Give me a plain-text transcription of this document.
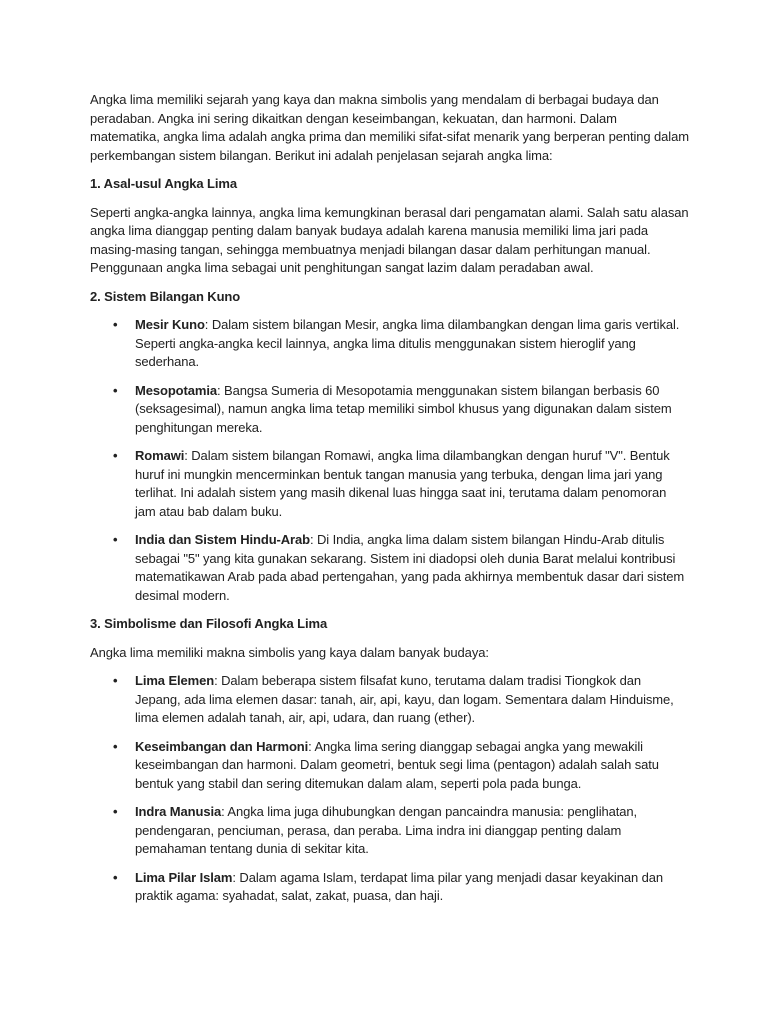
Angka lima memiliki sejarah yang kaya dan makna simbolis yang mendalam di berbagai budaya dan peradaban. Angka ini sering dikaitkan dengan keseimbangan, kekuatan, dan harmoni. Dalam matematika, angka lima adalah angka prima dan memiliki sifat-sifat menarik yang berperan penting dalam perkembangan sistem bilangan. Berikut ini adalah penjelasan sejarah angka lima:

1. Asal-usul Angka Lima

Seperti angka-angka lainnya, angka lima kemungkinan berasal dari pengamatan alami. Salah satu alasan angka lima dianggap penting dalam banyak budaya adalah karena manusia memiliki lima jari pada masing-masing tangan, sehingga membuatnya menjadi bilangan dasar dalam perhitungan manual. Penggunaan angka lima sebagai unit penghitungan sangat lazim dalam peradaban awal.

2. Sistem Bilangan Kuno
• Mesir Kuno: Dalam sistem bilangan Mesir, angka lima dilambangkan dengan lima garis vertikal. Seperti angka-angka kecil lainnya, angka lima ditulis menggunakan sistem hieroglif yang sederhana.
• Mesopotamia: Bangsa Sumeria di Mesopotamia menggunakan sistem bilangan berbasis 60 (seksagesimal), namun angka lima tetap memiliki simbol khusus yang digunakan dalam sistem penghitungan mereka.
• Romawi: Dalam sistem bilangan Romawi, angka lima dilambangkan dengan huruf "V". Bentuk huruf ini mungkin mencerminkan bentuk tangan manusia yang terbuka, dengan lima jari yang terlihat. Ini adalah sistem yang masih dikenal luas hingga saat ini, terutama dalam penomoran jam atau bab dalam buku.
• India dan Sistem Hindu-Arab: Di India, angka lima dalam sistem bilangan Hindu-Arab ditulis sebagai "5" yang kita gunakan sekarang. Sistem ini diadopsi oleh dunia Barat melalui kontribusi matematikawan Arab pada abad pertengahan, yang pada akhirnya membentuk dasar dari sistem desimal modern.
3. Simbolisme dan Filosofi Angka Lima

Angka lima memiliki makna simbolis yang kaya dalam banyak budaya:

• Lima Elemen: Dalam beberapa sistem filsafat kuno, terutama dalam tradisi Tiongkok dan Jepang, ada lima elemen dasar: tanah, air, api, kayu, dan logam. Sementara dalam Hinduisme, lima elemen adalah tanah, air, api, udara, dan ruang (ether).
• Keseimbangan dan Harmoni: Angka lima sering dianggap sebagai angka yang mewakili keseimbangan dan harmoni. Dalam geometri, bentuk segi lima (pentagon) adalah salah satu bentuk yang stabil dan sering ditemukan dalam alam, seperti pola pada bunga.
• Indra Manusia: Angka lima juga dihubungkan dengan pancaindra manusia: penglihatan, pendengaran, penciuman, perasa, dan peraba. Lima indra ini dianggap penting dalam pemahaman tentang dunia di sekitar kita.
• Lima Pilar Islam: Dalam agama Islam, terdapat lima pilar yang menjadi dasar keyakinan dan praktik agama: syahadat, salat, zakat, puasa, dan haji.
